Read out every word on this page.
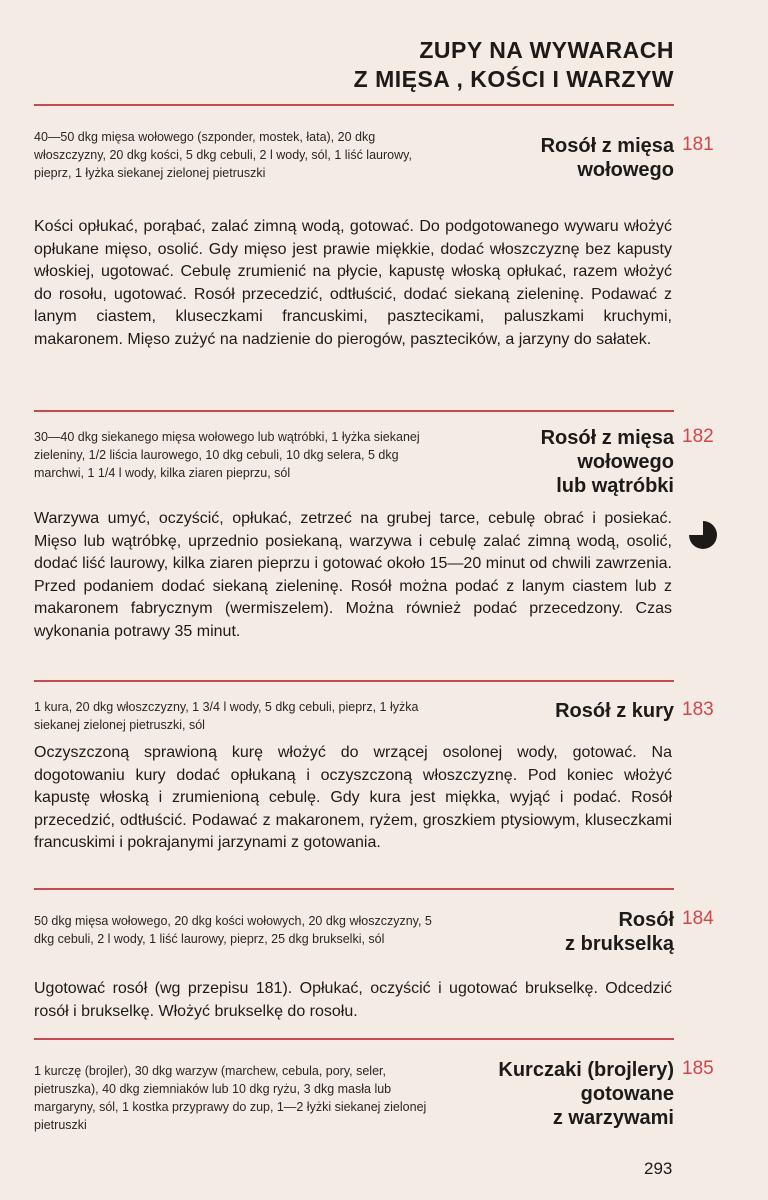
ZUPY NA WYWARACH
Z MIĘSA , KOŚCI I WARZYW
40—50 dkg mięsa wołowego (szponder, mostek, łata), 20 dkg włoszczyzny, 20 dkg kości, 5 dkg cebuli, 2 l wody, sól, 1 liść laurowy, pieprz, 1 łyżka siekanej zielonej pietruszki
Rosół z mięsa
wołowego
181
Kości opłukać, porąbać, zalać zimną wodą, gotować. Do podgotowanego wywaru włożyć opłukane mięso, osolić. Gdy mięso jest prawie miękkie, dodać włoszczyznę bez kapusty włoskiej, ugotować. Cebulę zrumienić na płycie, kapustę włoską opłukać, razem włożyć do rosołu, ugotować. Rosół przecedzić, odtłuścić, dodać siekaną zieleninę. Podawać z lanym ciastem, kluseczkami francuskimi, pasztecikami, paluszkami kruchymi, makaronem. Mięso zużyć na nadzienie do pierogów, pasztecików, a jarzyny do sałatek.
30—40 dkg siekanego mięsa wołowego lub wątróbki, 1 łyżka siekanej zieleniny, 1/2 liścia laurowego, 10 dkg cebuli, 10 dkg selera, 5 dkg marchwi, 1 1/4 l wody, kilka ziaren pieprzu, sól
Rosół z mięsa
wołowego
lub wątróbki
182
Warzywa umyć, oczyścić, opłukać, zetrzeć na grubej tarce, cebulę obrać i posiekać. Mięso lub wątróbkę, uprzednio posiekaną, warzywa i cebulę zalać zimną wodą, osolić, dodać liść laurowy, kilka ziaren pieprzu i gotować około 15—20 minut od chwili zawrzenia. Przed podaniem dodać siekaną zieleninę. Rosół można podać z lanym ciastem lub z makaronem fabrycznym (wermiszelem). Można również podać przecedzony. Czas wykonania potrawy 35 minut.
1 kura, 20 dkg włoszczyzny, 1 3/4 l wody, 5 dkg cebuli, pieprz, 1 łyżka siekanej zielonej pietruszki, sól
Rosół z kury 183
Oczyszczoną sprawioną kurę włożyć do wrzącej osolonej wody, gotować. Na dogotowaniu kury dodać opłukaną i oczyszczoną włoszczyznę. Pod koniec włożyć kapustę włoską i zrumienioną cebulę. Gdy kura jest miękka, wyjąć i podać. Rosół przecedzić, odtłuścić. Podawać z makaronem, ryżem, groszkiem ptysiowym, kluseczkami francuskimi i pokrajanymi jarzynami z gotowania.
50 dkg mięsa wołowego, 20 dkg kości wołowych, 20 dkg włoszczyzny, 5 dkg cebuli, 2 l wody, 1 liść laurowy, pieprz, 25 dkg brukselki, sól
Rosół
z brukselką
184
Ugotować rosół (wg przepisu 181). Opłukać, oczyścić i ugotować brukselkę. Odcedzić rosół i brukselkę. Włożyć brukselkę do rosołu.
1 kurczę (brojler), 30 dkg warzyw (marchew, cebula, pory, seler, pietruszka), 40 dkg ziemniaków lub 10 dkg ryżu, 3 dkg masła lub margaryny, sól, 1 kostka przyprawy do zup, 1—2 łyżki siekanej zielonej pietruszki
Kurczaki (brojlery)
gotowane
z warzywami
185
293
